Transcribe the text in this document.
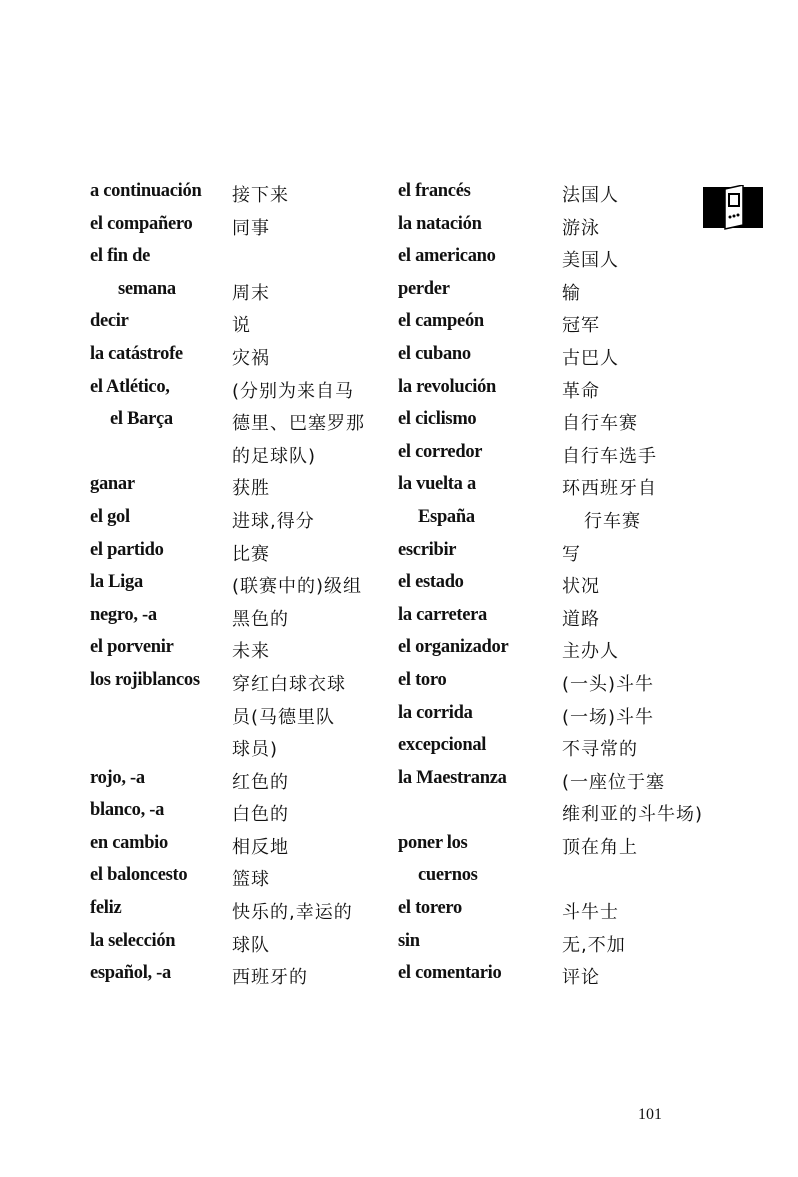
a continuación 接下来
el compañero 同事
el fin de
semana	周末
decir	说
la catástrofe	灾祸
el Atlético,	(分别为来自马
el Barça	德里、巴塞罗那
的足球队)
ganar	获胜
el gol	进球,得分
el partido	比赛
la Liga	(联赛中的)级组
negro, -a	黑色的
el porvenir	未来
los rojiblancos 穿红白球衣球
员(马德里队
球员)
rojo, -a	红色的
blanco, -a	白色的
en cambio	相反地
el baloncesto 篮球
feliz	快乐的,幸运的
la selección	球队
español, -a	西班牙的
el francés	法国人
la natación	游泳
el americano	美国人
perder	输
el campeón	冠军
el cubano	古巴人
la revolución	革命
el ciclismo	自行车赛
el corredor	自行车选手
la vuelta a	环西班牙自
España	行车赛
escribir	写
el estado	状况
la carretera	道路
el organizador	主办人
el toro	(一头)斗牛
la corrida	(一场)斗牛
excepcional	不寻常的
la Maestranza	(一座位于塞
维利亚的斗牛场)
poner los	顶在角上
cuernos
el torero	斗牛士
sin	无,不加
el comentario	评论
101
